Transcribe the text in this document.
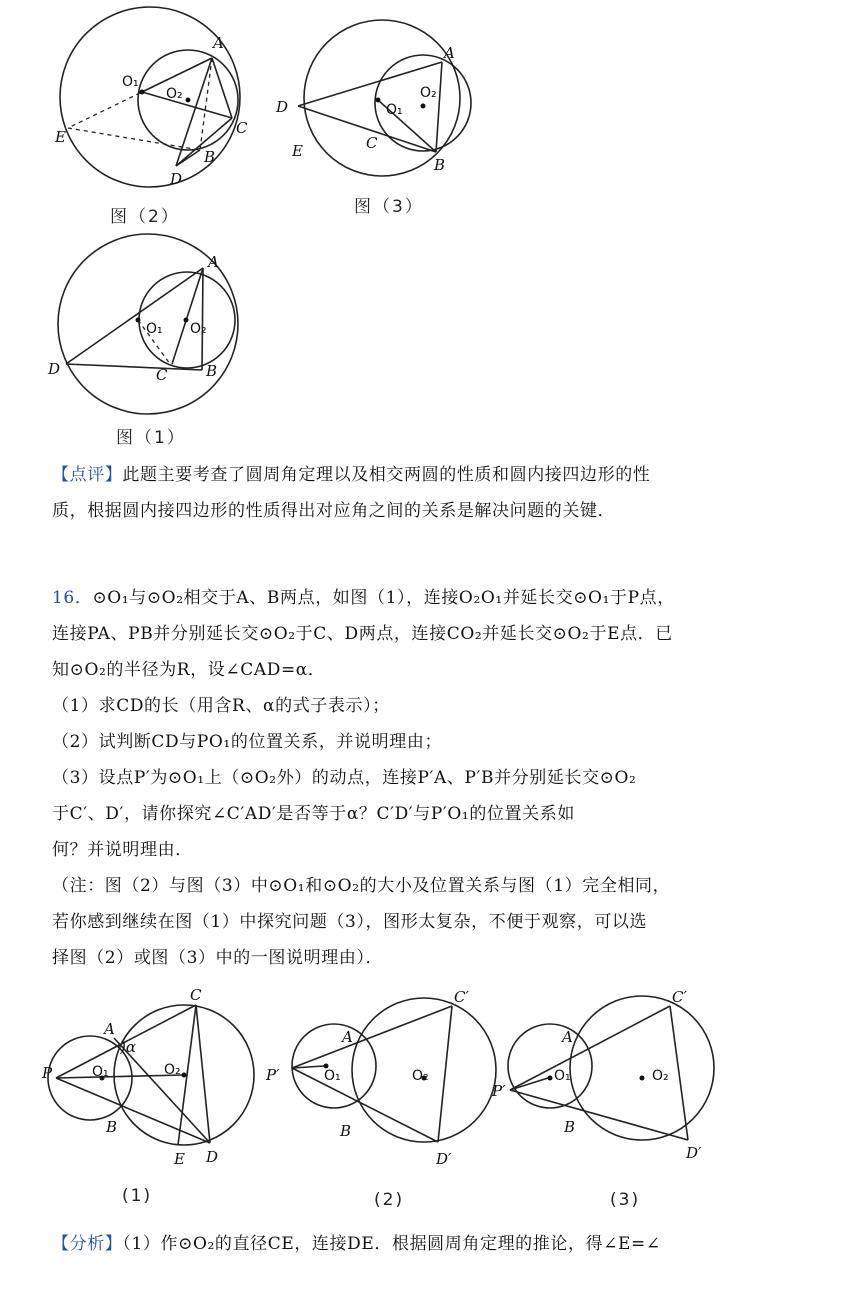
A
O₁
O₂
C
E
B
D
图（2）
A
D	O₁
O₂
E	C
B
图（3）
A
O₁ O₂
D	C	B
图（1）
【点评】此题主要考查了圆周角定理以及相交两圆的性质和圆内接四边形的性
质，根据圆内接四边形的性质得出对应角之间的关系是解决问题的关键．
16．⊙O₁与⊙O₂相交于A、B两点，如图（1），连接O₂O₁并延长交⊙O₁于P点，
连接PA、PB并分别延长交⊙O₂于C、D两点，连接CO₂并延长交⊙O₂于E点．已
知⊙O₂的半径为R，设∠CAD=α．
（1）求CD的长（用含R、α的式子表示）；
（2）试判断CD与PO₁的位置关系，并说明理由；
（3）设点P′为⊙O₁上（⊙O₂外）的动点，连接P′A、P′B并分别延长交⊙O₂
于C′、D′，请你探究∠C′AD′是否等于α？C′D′与P′O₁的位置关系如
何？并说明理由．
（注：图（2）与图（3）中⊙O₁和⊙O₂的大小及位置关系与图（1）完全相同，
若你感到继续在图（1）中探究问题（3），图形太复杂，不便于观察，可以选
择图（2）或图（3）中的一图说明理由）．
C
A
)α
P	O₁	O₂
B
E D
(1)
C′
A
P′	O₁	O₂
B
D′
(2)
C′
A
P′
O₁	O₂
B
D′
(3)
【分析】（1）作⊙O₂的直径CE，连接DE．根据圆周角定理的推论，得∠E=∠
